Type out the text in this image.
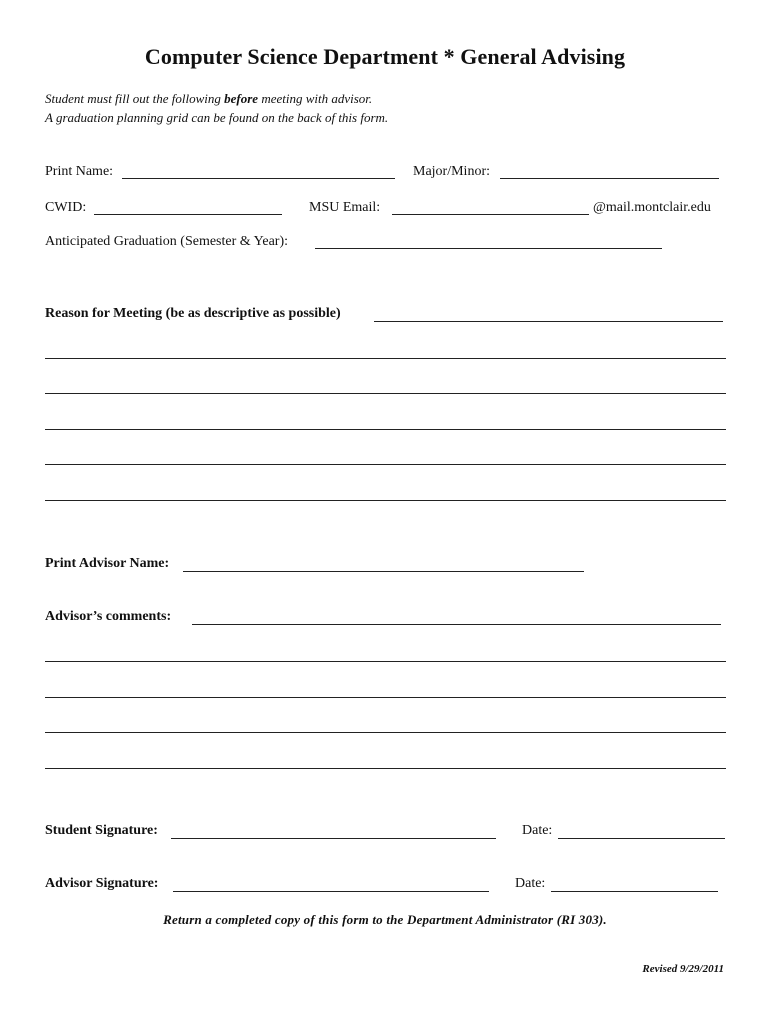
Computer Science Department * General Advising
Student must fill out the following before meeting with advisor.
A graduation planning grid can be found on the back of this form.
Print Name:	Major/Minor:
CWID:	MSU Email:	@mail.montclair.edu
Anticipated Graduation (Semester & Year):
Reason for Meeting (be as descriptive as possible)
Print Advisor Name:
Advisor’s comments:
Student Signature:	Date:
Advisor Signature:	Date:
Return a completed copy of this form to the Department Administrator (RI 303).
Revised 9/29/2011
